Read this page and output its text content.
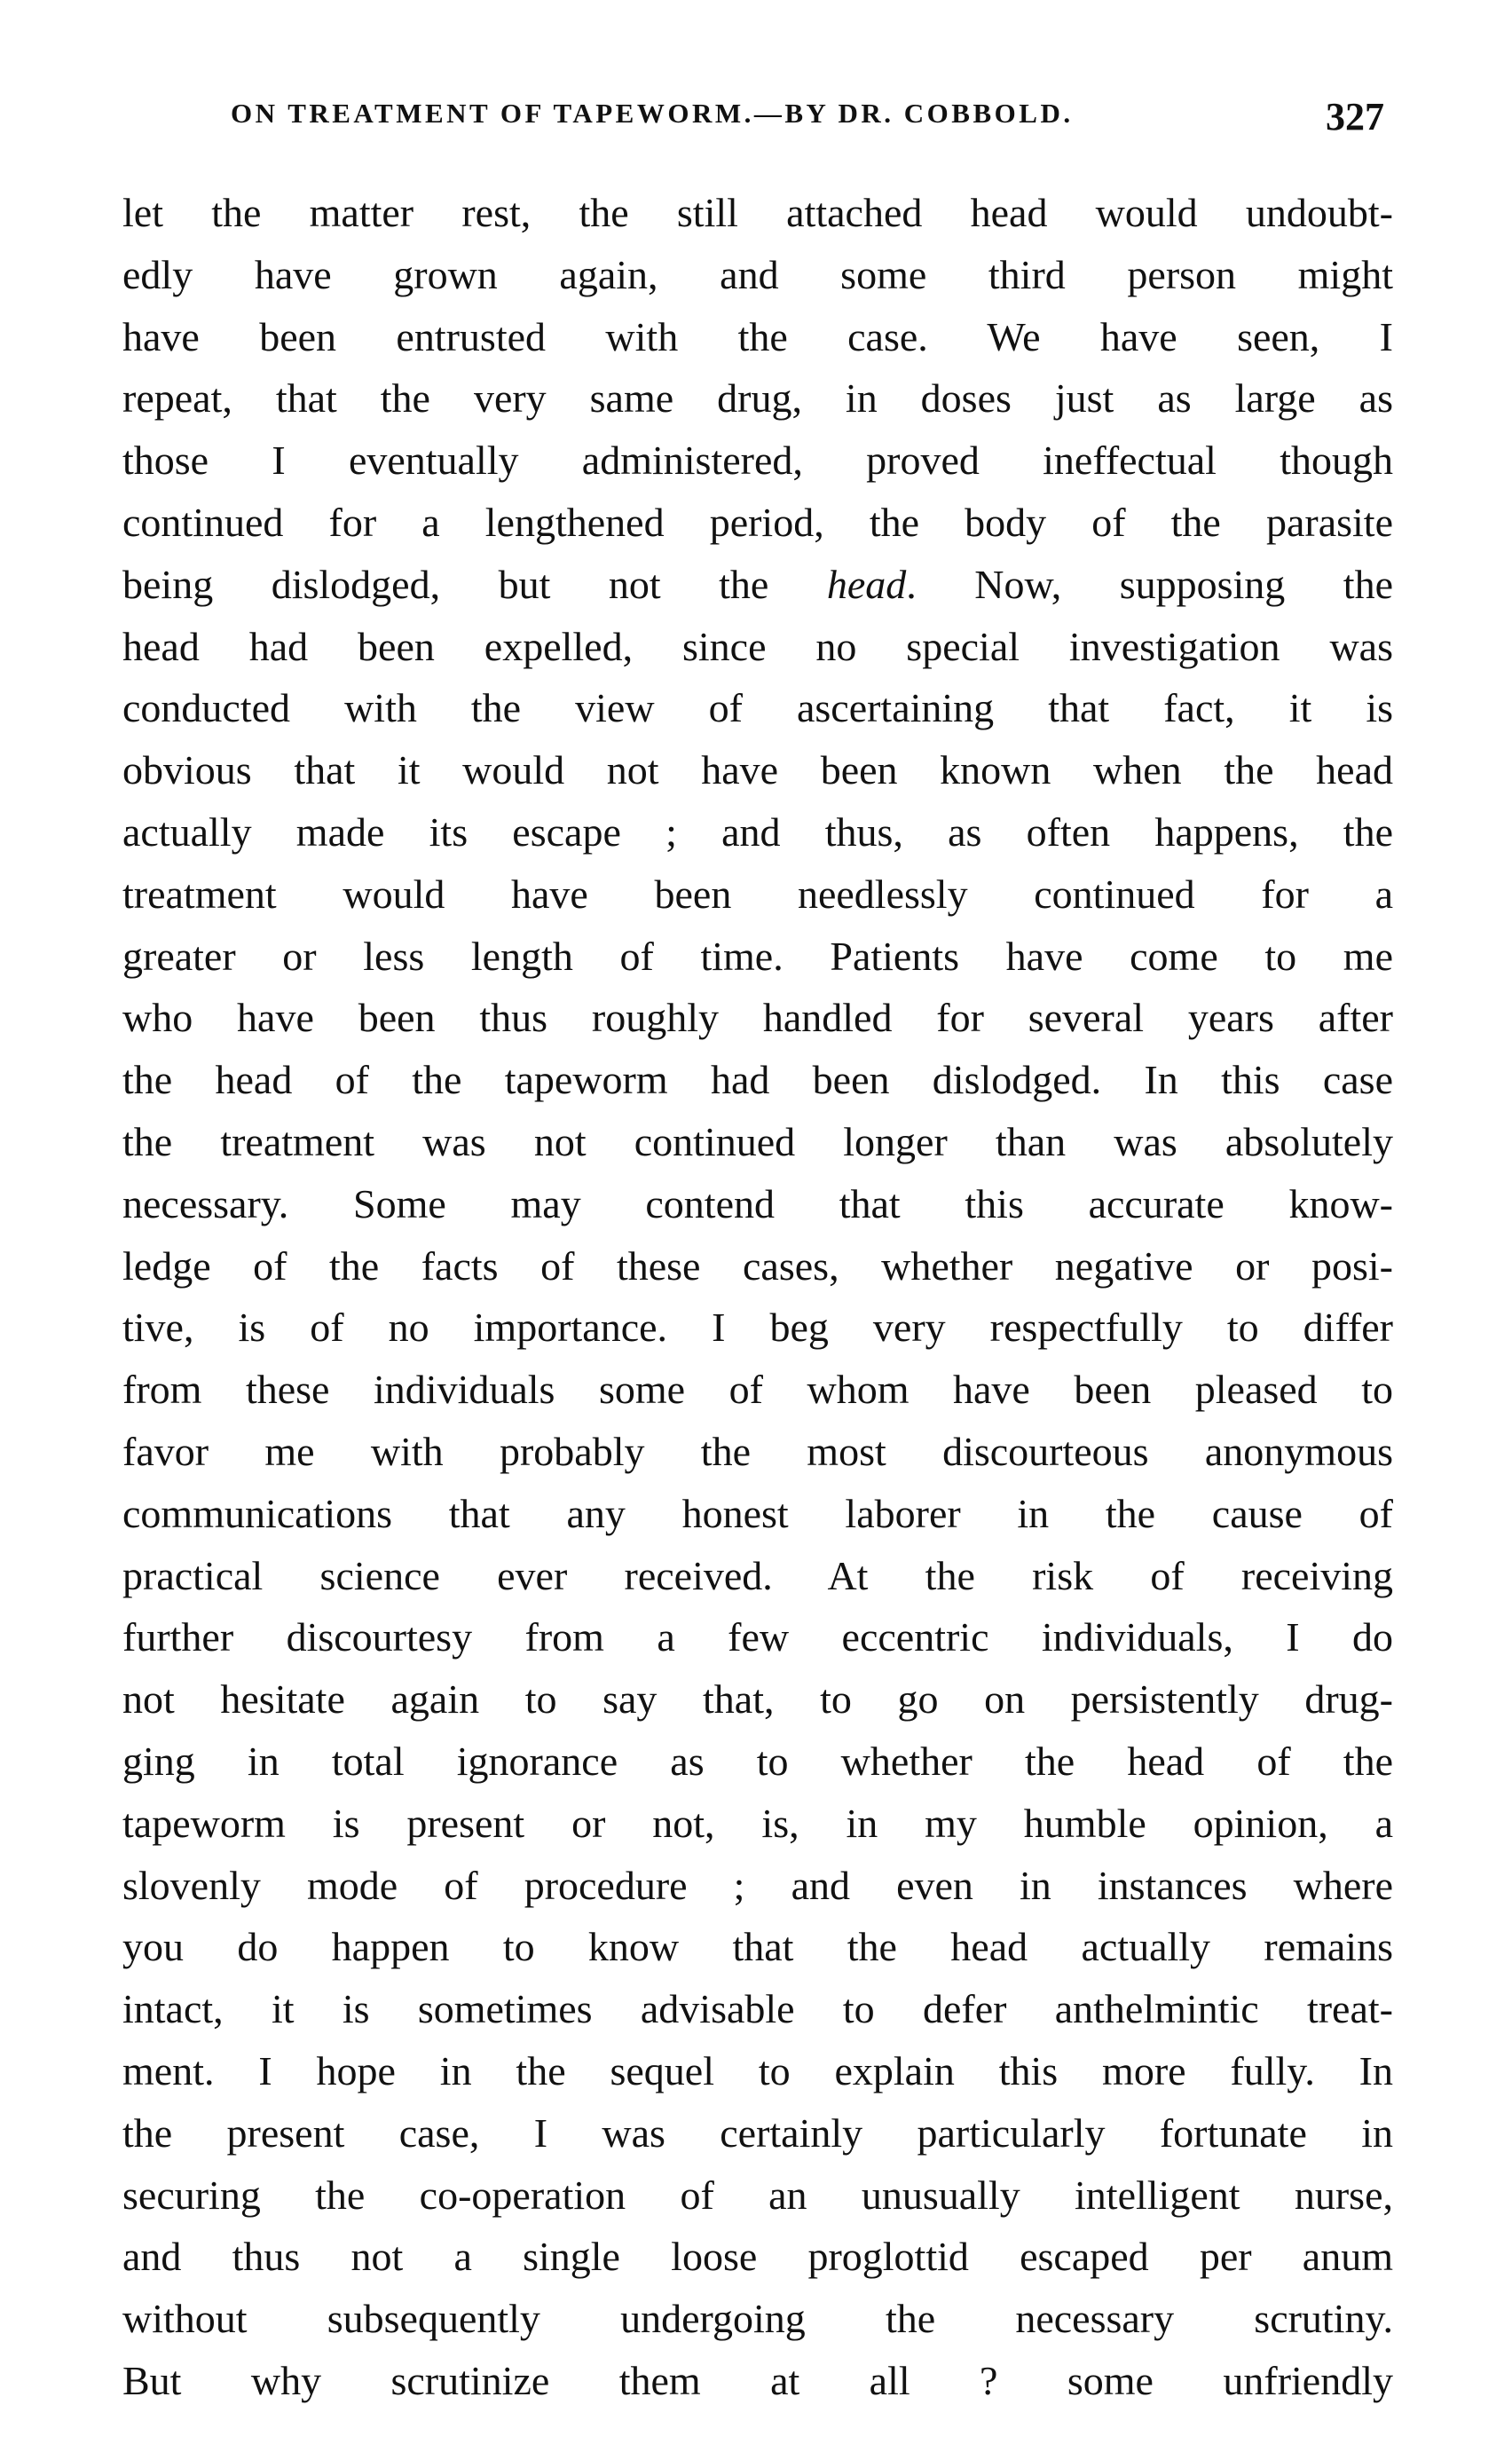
ON TREATMENT OF TAPEWORM.—BY DR. COBBOLD.	327
let the matter rest, the still attached head would undoubt-
edly have grown again, and some third person might
have been entrusted with the case. We have seen, I
repeat, that the very same drug, in doses just as large as
those I eventually administered, proved ineffectual though
continued for a lengthened period, the body of the parasite
being dislodged, but not the head. Now, supposing the
head had been expelled, since no special investigation was
conducted with the view of ascertaining that fact, it is
obvious that it would not have been known when the head
actually made its escape ; and thus, as often happens, the
treatment would have been needlessly continued for a
greater or less length of time. Patients have come to me
who have been thus roughly handled for several years after
the head of the tapeworm had been dislodged. In this case
the treatment was not continued longer than was absolutely
necessary. Some may contend that this accurate know-
ledge of the facts of these cases, whether negative or posi-
tive, is of no importance. I beg very respectfully to differ
from these individuals some of whom have been pleased to
favor me with probably the most discourteous anonymous
communications that any honest laborer in the cause of
practical science ever received. At the risk of receiving
further discourtesy from a few eccentric individuals, I do
not hesitate again to say that, to go on persistently drug-
ging in total ignorance as to whether the head of the
tapeworm is present or not, is, in my humble opinion, a
slovenly mode of procedure ; and even in instances where
you do happen to know that the head actually remains
intact, it is sometimes advisable to defer anthelmintic treat-
ment. I hope in the sequel to explain this more fully. In
the present case, I was certainly particularly fortunate in
securing the co-operation of an unusually intelligent nurse,
and thus not a single loose proglottid escaped per anum
without subsequently undergoing the necessary scrutiny.
But why scrutinize them at all ? some unfriendly
